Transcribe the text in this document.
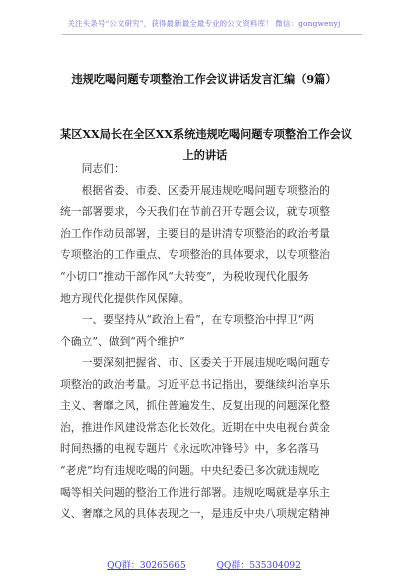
关注头条号“公文研究”，获得最新最全最专业的公文资料库！ 微信：gongwenyj
违规吃喝问题专项整治工作会议讲话发言汇编（9篇）
某区XX局长在全区XX系统违规吃喝问题专项整治工作会议
上的讲话
同志们：
根据省委、市委、区委开展违规吃喝问题专项整治的
统一部署要求，今天我们在节前召开专题会议，就专项整
治工作作动员部署，主要目的是讲清专项整治的政治考量
专项整治的工作重点、专项整治的具体要求，以专项整治
“小切口”推动干部作风“大转变”，为税收现代化服务
地方现代化提供作风保障。
一、要坚持从“政治上看”，在专项整治中捍卫“两
个确立”、做到“两个维护”
一要深刻把握省、市、区委关于开展违规吃喝问题专
项整治的政治考量。习近平总书记指出，要继续纠治享乐
主义、奢靡之风，抓住普遍发生、反复出现的问题深化整
治，推进作风建设常态化长效化。近期在中央电视台黄金
时间热播的电视专题片《永远吹冲锋号》中，多名落马
“老虎”均有违规吃喝的问题。中央纪委已多次就违规吃
喝等相关问题的整治工作进行部署。违规吃喝就是享乐主
义、奢靡之风的具体表现之一，是违反中央八项规定精神
QQ群：30265665	QQ群：535304092
